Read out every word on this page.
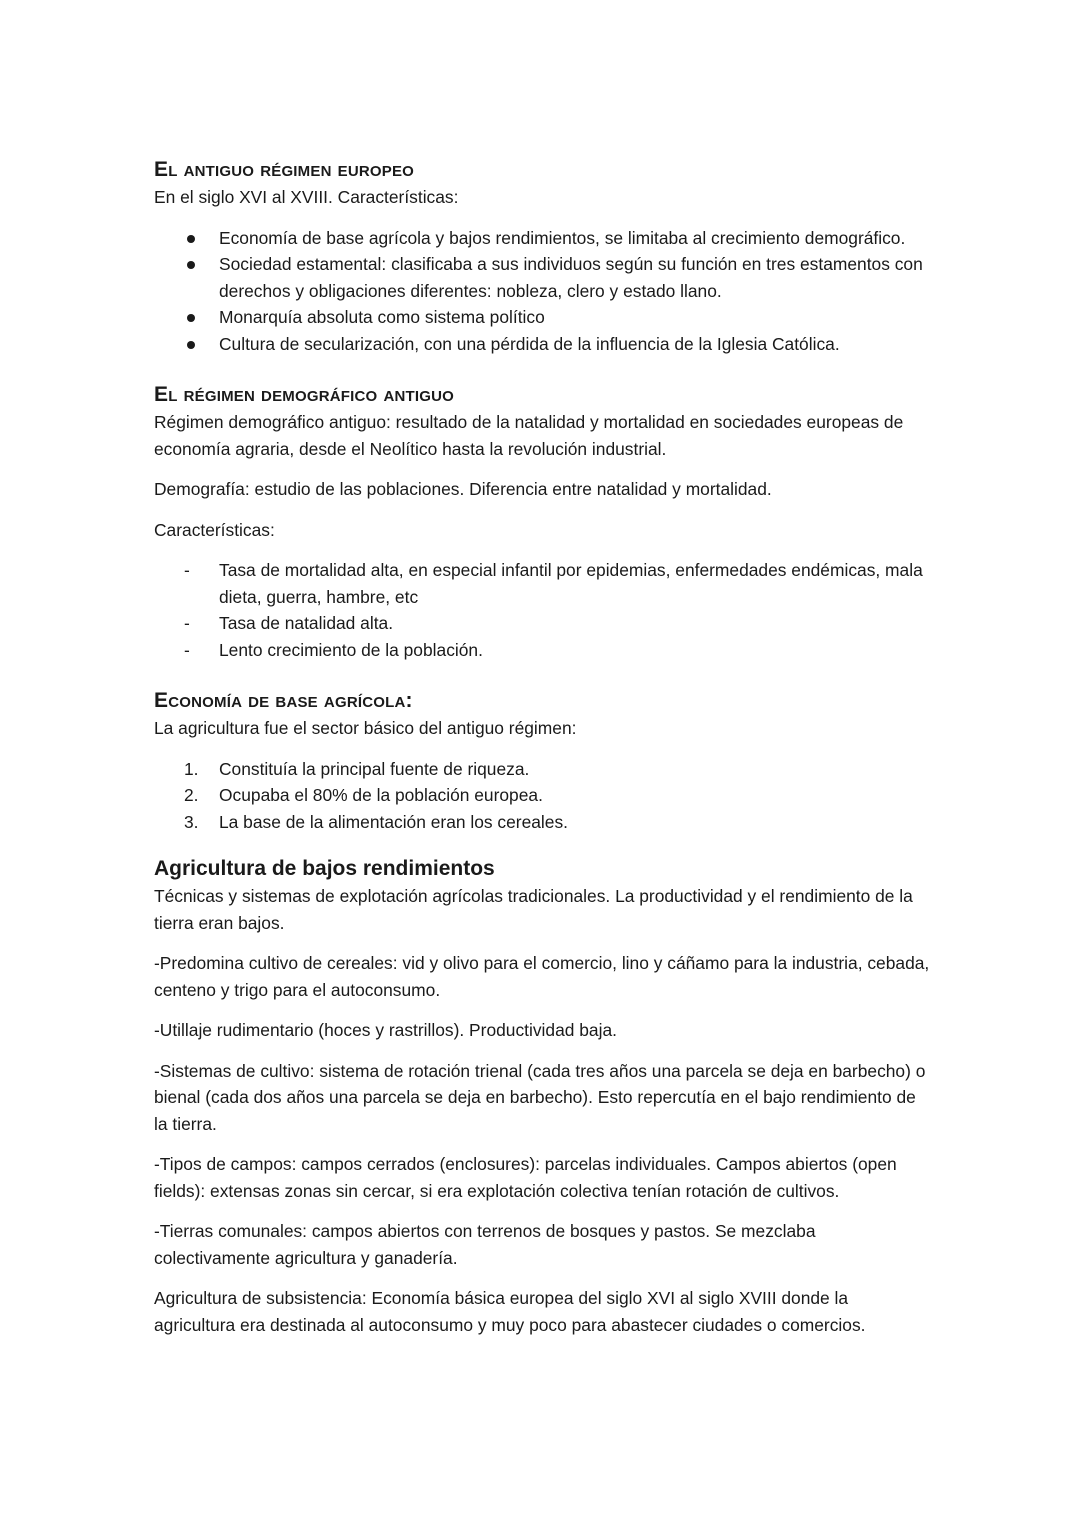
El antiguo régimen europeo

En el siglo XVI al XVIII. Características:

Economía de base agrícola y bajos rendimientos, se limitaba al crecimiento demográfico.
Sociedad estamental: clasificaba a sus individuos según su función en tres estamentos con derechos y obligaciones diferentes: nobleza, clero y estado llano.
Monarquía absoluta como sistema político
Cultura de secularización, con una pérdida de la influencia de la Iglesia Católica.
El régimen demográfico antiguo

Régimen demográfico antiguo: resultado de la natalidad y mortalidad en sociedades europeas de economía agraria, desde el Neolítico hasta la revolución industrial.

Demografía: estudio de las poblaciones. Diferencia entre natalidad y mortalidad.

Características:

-	Tasa de mortalidad alta, en especial infantil por epidemias, enfermedades endémicas, mala dieta, guerra, hambre, etc
-	Tasa de natalidad alta.
-	Lento crecimiento de la población.
Economía de base agrícola:

La agricultura fue el sector básico del antiguo régimen:

1.	Constituía la principal fuente de riqueza.
2.	Ocupaba el 80% de la población europea.
3.	La base de la alimentación eran los cereales.
Agricultura de bajos rendimientos

Técnicas y sistemas de explotación agrícolas tradicionales. La productividad y el rendimiento de la tierra eran bajos.

-Predomina cultivo de cereales: vid y olivo para el comercio, lino y cáñamo para la industria, cebada, centeno y trigo para el autoconsumo.

-Utillaje rudimentario (hoces y rastrillos). Productividad baja.

-Sistemas de cultivo: sistema de rotación trienal (cada tres años una parcela se deja en barbecho) o bienal (cada dos años una parcela se deja en barbecho). Esto repercutía en el bajo rendimiento de la tierra.

-Tipos de campos: campos cerrados (enclosures): parcelas individuales. Campos abiertos (open fields): extensas zonas sin cercar, si era explotación colectiva tenían rotación de cultivos.

-Tierras comunales: campos abiertos con terrenos de bosques y pastos. Se mezclaba colectivamente agricultura y ganadería.

Agricultura de subsistencia: Economía básica europea del siglo XVI al siglo XVIII donde la agricultura era destinada al autoconsumo y muy poco para abastecer ciudades o comercios.
